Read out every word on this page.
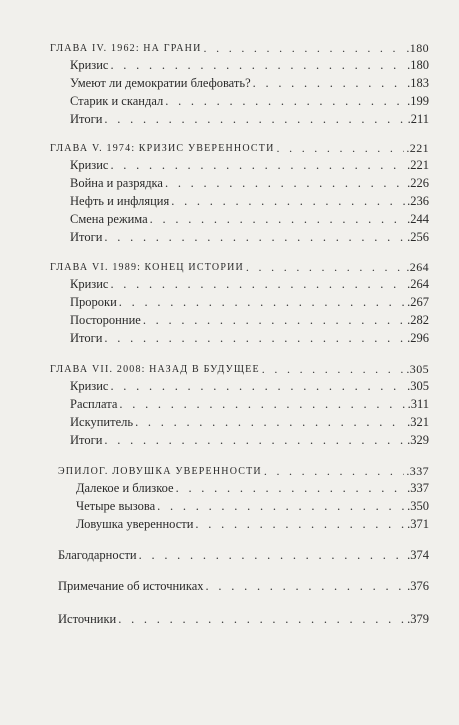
ГЛАВА IV. 1962: НА ГРАНИ . . .	.180
Кризис . . .	.180
Умеют ли демократии блефовать? . . .	.183
Старик и скандал . . .	.199
Итоги . . .	.211
ГЛАВА V. 1974: КРИЗИС УВЕРЕННОСТИ . . .	.221
Кризис . . .	.221
Война и разрядка . . .	.226
Нефть и инфляция . . .	.236
Смена режима . . .	.244
Итоги . . .	.256
ГЛАВА VI. 1989: КОНЕЦ ИСТОРИИ . . .	.264
Кризис . . .	.264
Пророки . . .	.267
Посторонние . . .	.282
Итоги . . .	.296
ГЛАВА VII. 2008: НАЗАД В БУДУЩЕЕ . . .	.305
Кризис . . .	.305
Расплата . . .	.311
Искупитель . . .	.321
Итоги . . .	.329
ЭПИЛОГ. ЛОВУШКА УВЕРЕННОСТИ . . .	.337
Далекое и близкое . . .	.337
Четыре вызова . . .	.350
Ловушка уверенности . . .	.371
Благодарности . . .	.374
Примечание об источниках . . .	.376
Источники . . .	.379
